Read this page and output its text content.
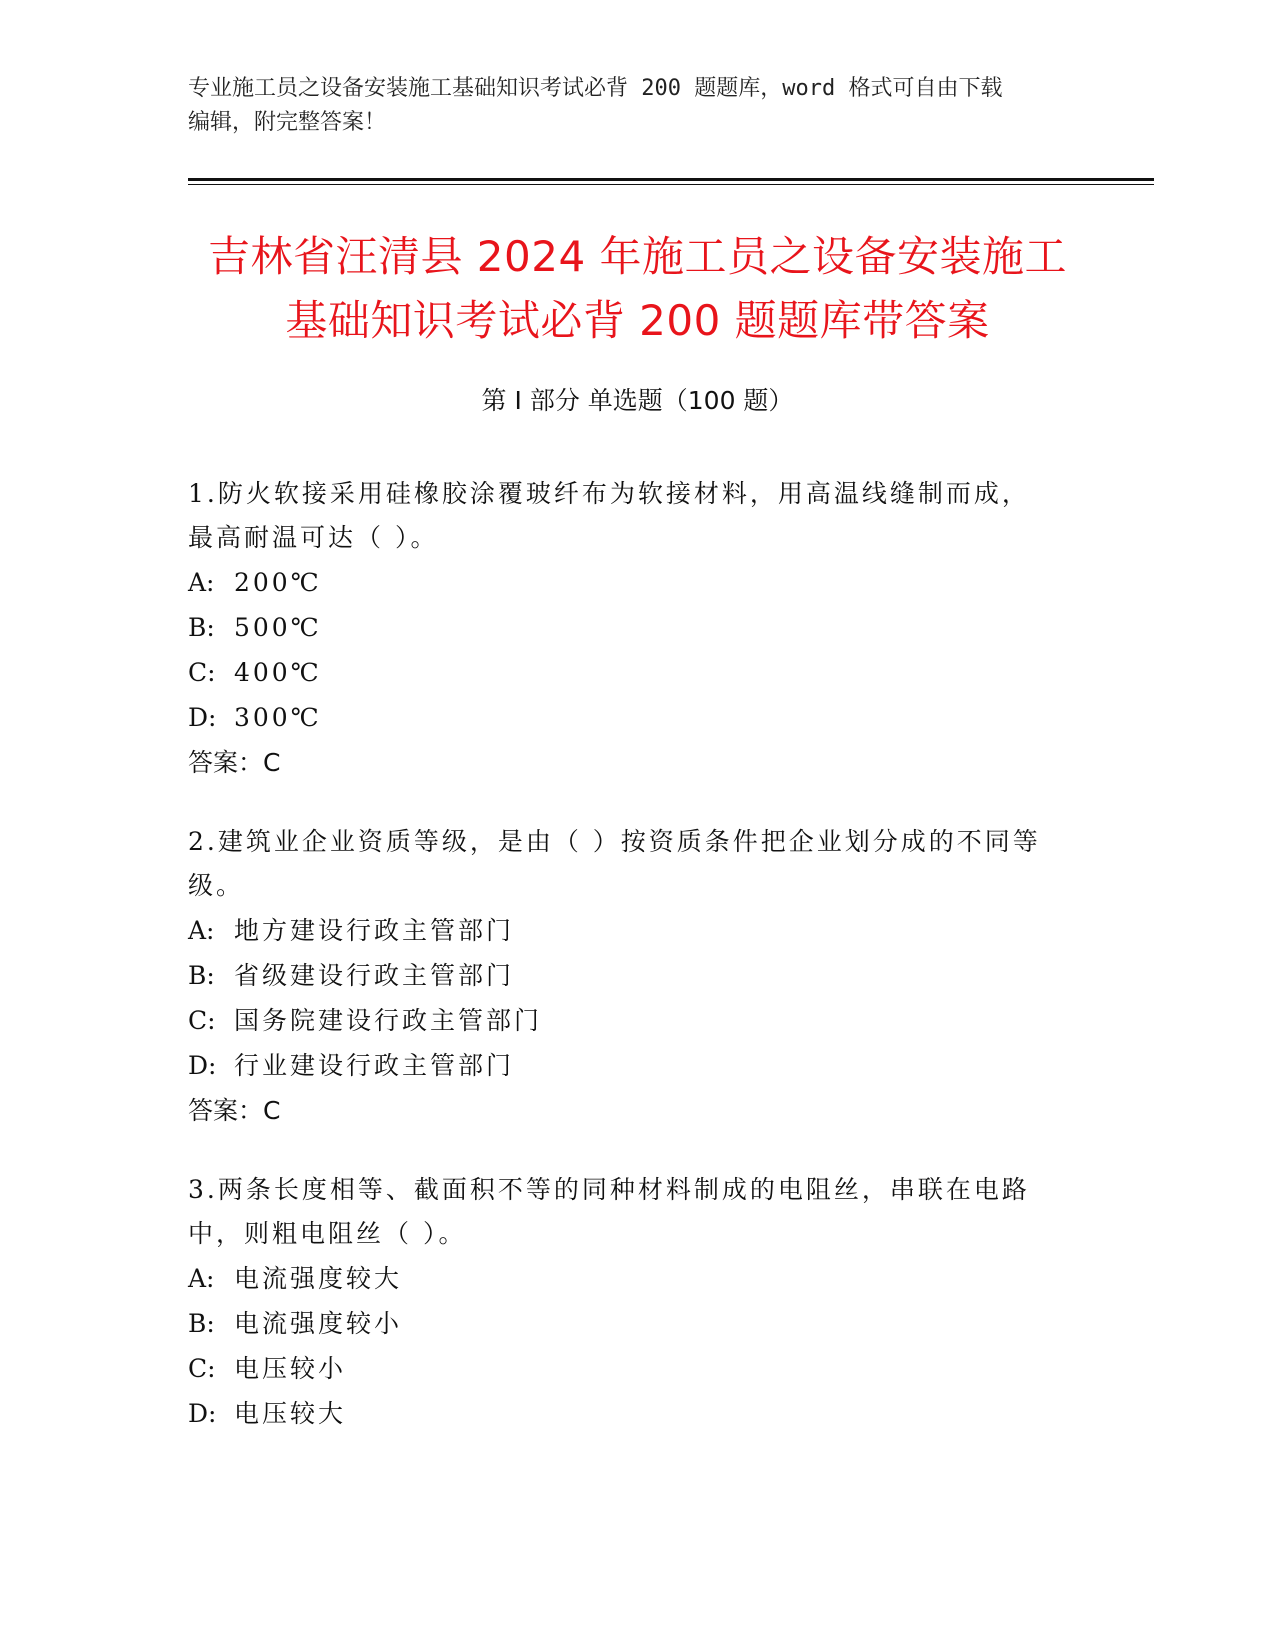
专业施工员之设备安装施工基础知识考试必背 200 题题库，word 格式可自由下载
编辑，附完整答案！
吉林省汪清县 2024 年施工员之设备安装施工
基础知识考试必背 200 题题库带答案
第 I 部分 单选题（100 题）

1.防火软接采用硅橡胶涂覆玻纤布为软接材料，用高温线缝制而成，

最高耐温可达（ ）。

A: 200℃

B: 500℃

C: 400℃

D: 300℃

答案：C

2.建筑业企业资质等级，是由（ ）按资质条件把企业划分成的不同等

级。

A: 地方建设行政主管部门

B: 省级建设行政主管部门

C: 国务院建设行政主管部门

D: 行业建设行政主管部门

答案：C

3.两条长度相等、截面积不等的同种材料制成的电阻丝，串联在电路

中，则粗电阻丝（ ）。

A: 电流强度较大

B: 电流强度较小

C: 电压较小

D: 电压较大
